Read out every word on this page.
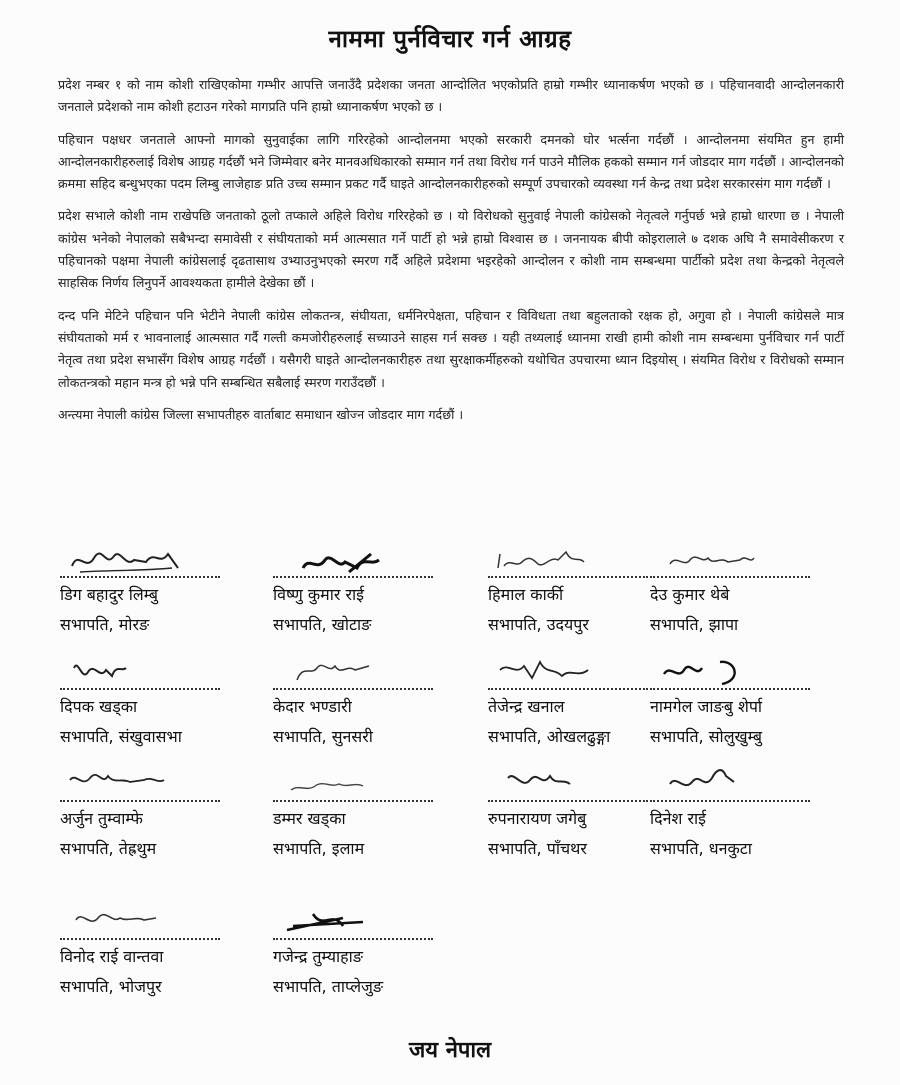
नाममा पुर्नविचार गर्न आग्रह

प्रदेश नम्बर १ को नाम कोशी राखिएकोमा गम्भीर आपत्ति जनाउँदै प्रदेशका जनता आन्दोलित भएकोप्रति हाम्रो गम्भीर ध्यानाकर्षण भएको छ । पहिचानवादी आन्दोलनकारी जनताले प्रदेशको नाम कोशी हटाउन गरेको मागप्रति पनि हाम्रो ध्यानाकर्षण भएको छ ।

पहिचान पक्षधर जनताले आफ्नो मागको सुनुवाईका लागि गरिरहेको आन्दोलनमा भएको सरकारी दमनको घोर भर्त्सना गर्दछौं । आन्दोलनमा संयमित हुन हामी आन्दोलनकारीहरुलाई विशेष आग्रह गर्दछौं भने जिम्मेवार बनेर मानवअधिकारको सम्मान गर्न तथा विरोध गर्न पाउने मौलिक हकको सम्मान गर्न जोडदार माग गर्दछौं । आन्दोलनको क्रममा सहिद बन्धुभएका पदम लिम्बु लाजेहाङ प्रति उच्च सम्मान प्रकट गर्दै घाइते आन्दोलनकारीहरुको सम्पूर्ण उपचारको व्यवस्था गर्न केन्द्र तथा प्रदेश सरकारसंग माग गर्दछौं ।

प्रदेश सभाले कोशी नाम राखेपछि जनताको ठूलो तप्काले अहिले विरोध गरिरहेको छ । यो विरोधको सुनुवाई नेपाली कांग्रेसको नेतृत्वले गर्नुपर्छ भन्ने हाम्रो धारणा छ । नेपाली कांग्रेस भनेको नेपालको सबैभन्दा समावेसी र संघीयताको मर्म आत्मसात गर्ने पार्टी हो भन्ने हाम्रो विश्वास छ । जननायक बीपी कोइरालाले ७ दशक अघि नै समावेसीकरण र पहिचानको पक्षमा नेपाली कांग्रेसलाई दृढतासाथ उभ्याउनुभएको स्मरण गर्दै अहिले प्रदेशमा भइरहेको आन्दोलन र कोशी नाम सम्बन्धमा पार्टीको प्रदेश तथा केन्द्रको नेतृत्वले साहसिक निर्णय लिनुपर्ने आवश्यकता हामीले देखेका छौं ।

दन्द पनि मेटिने पहिचान पनि भेटीने नेपाली कांग्रेस लोकतन्त्र, संघीयता, धर्मनिरपेक्षता, पहिचान र विविधता तथा बहुलताको रक्षक हो, अगुवा हो । नेपाली कांग्रेसले मात्र संघीयताको मर्म र भावनालाई आत्मसात गर्दै गल्ती कमजोरीहरुलाई सच्याउने साहस गर्न सक्छ । यही तथ्यलाई ध्यानमा राखी हामी कोशी नाम सम्बन्धमा पुर्नविचार गर्न पार्टी नेतृत्व तथा प्रदेश सभासँग विशेष आग्रह गर्दछौं । यसैगरी घाइते आन्दोलनकारीहरु तथा सुरक्षाकर्मीहरुको यथोचित उपचारमा ध्यान दिइयोस् । संयमित विरोध र विरोधको सम्मान लोकतन्त्रको महान मन्त्र हो भन्ने पनि सम्बन्धित सबैलाई स्मरण गराउँदछौं ।

अन्त्यमा नेपाली कांग्रेस जिल्ला सभापतीहरु वार्ताबाट समाधान खोज्न जोडदार माग गर्दछौं ।

डिग बहादुर लिम्बु
सभापति, मोरङ
विष्णु कुमार राई
सभापति, खोटाङ
हिमाल कार्की
सभापति, उदयपुर
देउ कुमार थेबे
सभापति, झापा
दिपक खड्का
सभापति, संखुवासभा
केदार भण्डारी
सभापति, सुनसरी
तेजेन्द्र खनाल
सभापति, ओखलढुङ्गा
नामगेल जाङबु शेर्पा
सभापति, सोलुखुम्बु
अर्जुन तुम्वाम्फे
सभापति, तेह्रथुम
डम्मर खड्का
सभापति, इलाम
रुपनारायण जगेबु
सभापति, पाँचथर
दिनेश राई
सभापति, धनकुटा
विनोद राई वान्तवा
सभापति, भोजपुर
गजेन्द्र तुम्याहाङ
सभापति, ताप्लेजुङ
जय नेपाल
